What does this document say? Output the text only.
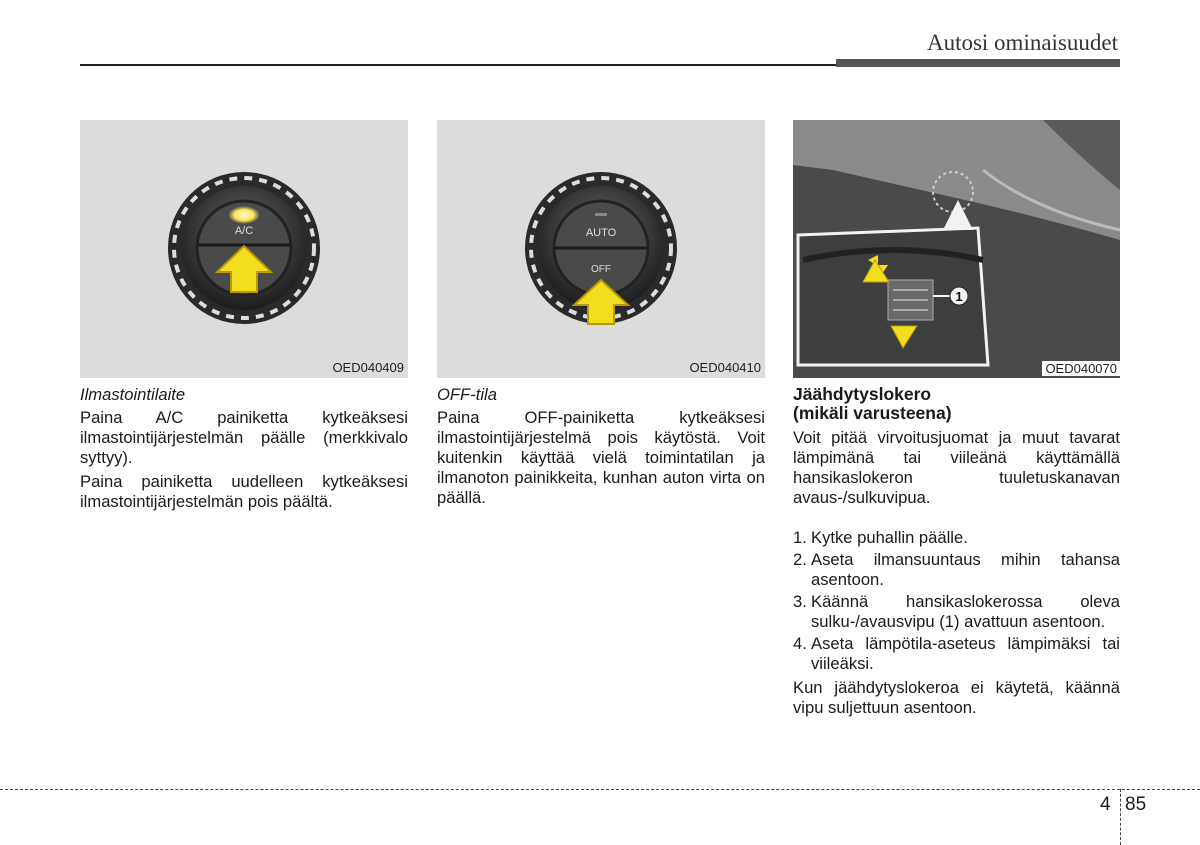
Autosi ominaisuudet
A/C
OED040409
AUTO
OFF
OED040410
1
OED040070

Ilmastointilaite

Paina A/C painiketta kytkeäksesi ilmastointijärjestelmän päälle (merkkivalo syttyy).

Paina painiketta uudelleen kytkeäksesi ilmastointijärjestelmän pois päältä.

OFF-tila

Paina OFF-painiketta kytkeäksesi ilmastointijärjestelmä pois käytöstä. Voit kuitenkin käyttää vielä toimintatilan ja ilmanoton painikkeita, kunhan auton virta on päällä.

Jäähdytyslokero
(mikäli varusteena)

Voit pitää virvoitusjuomat ja muut tavarat lämpimänä tai viileänä käyttämällä hansikaslokeron tuuletuskanavan avaus-/sulkuvipua.

1. Kytke puhallin päälle.
2. Aseta ilmansuuntaus mihin tahansa asentoon.
3. Käännä hansikaslokerossa oleva sulku-/avausvipu (1) avattuun asentoon.
4. Aseta lämpötila-aseteus lämpimäksi tai viileäksi.

Kun jäähdytyslokeroa ei käytetä, käännä vipu suljettuun asentoon.

4 85
